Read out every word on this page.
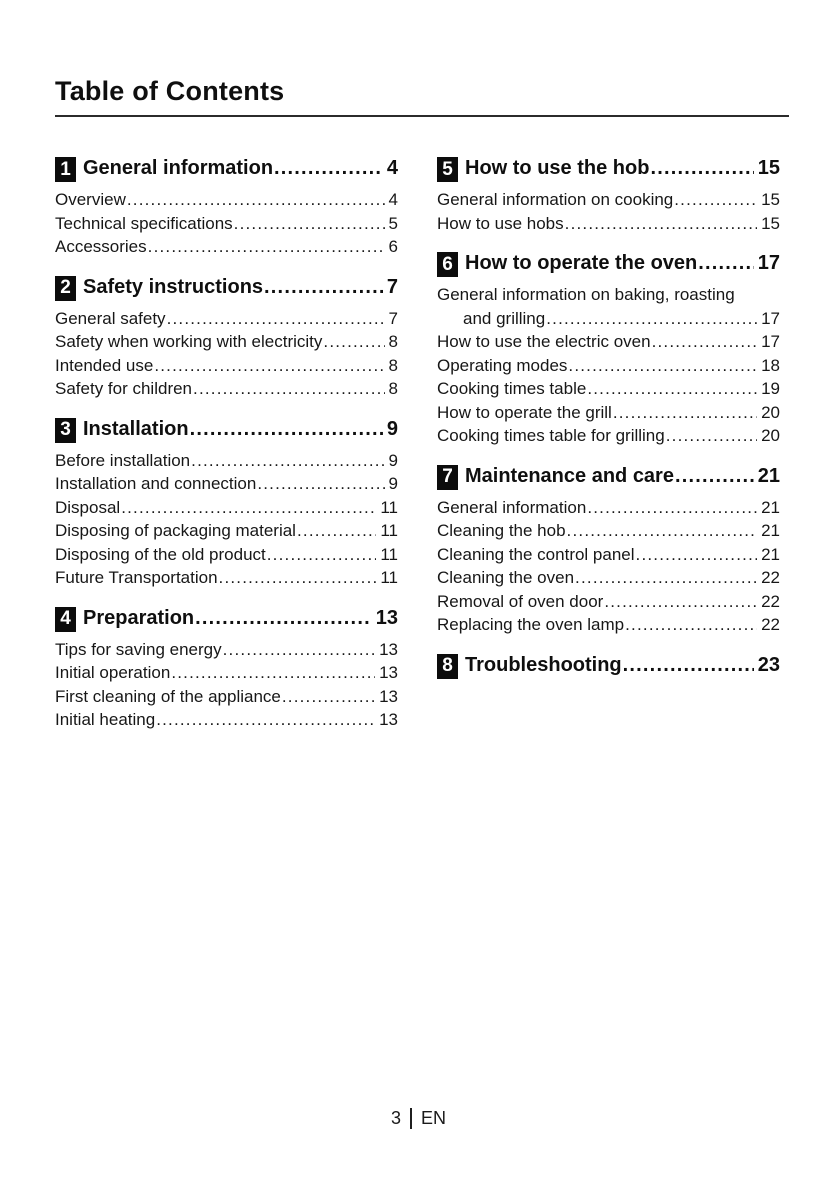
Table of Contents
1 General information .....	4
Overview .....	4
Technical specifications .....	5
Accessories .....	6
2 Safety instructions .....	7
General safety .....	7
Safety when working with electricity .....	8
Intended use .....	8
Safety for children .....	8
3 Installation .....	9
Before installation .....	9
Installation and connection .....	9
Disposal .....	11
Disposing of packaging material .....	11
Disposing of the old product .....	11
Future Transportation .....	11
4 Preparation .....	13
Tips for saving energy .....	13
Initial operation .....	13
First cleaning of the appliance .....	13
Initial heating .....	13
5 How to use the hob .....	15
General information on cooking .....	15
How to use hobs .....	15
6 How to operate the oven .....	17
General information on baking, roasting
and grilling .....	17
How to use the electric oven .....	17
Operating modes .....	18
Cooking times table .....	19
How to operate the grill .....	20
Cooking times table for grilling .....	20
7 Maintenance and care .....	21
General information .....	21
Cleaning the hob .....	21
Cleaning the control panel .....	21
Cleaning the oven .....	22
Removal of oven door .....	22
Replacing the oven lamp .....	22
8 Troubleshooting .....	23
3 EN
